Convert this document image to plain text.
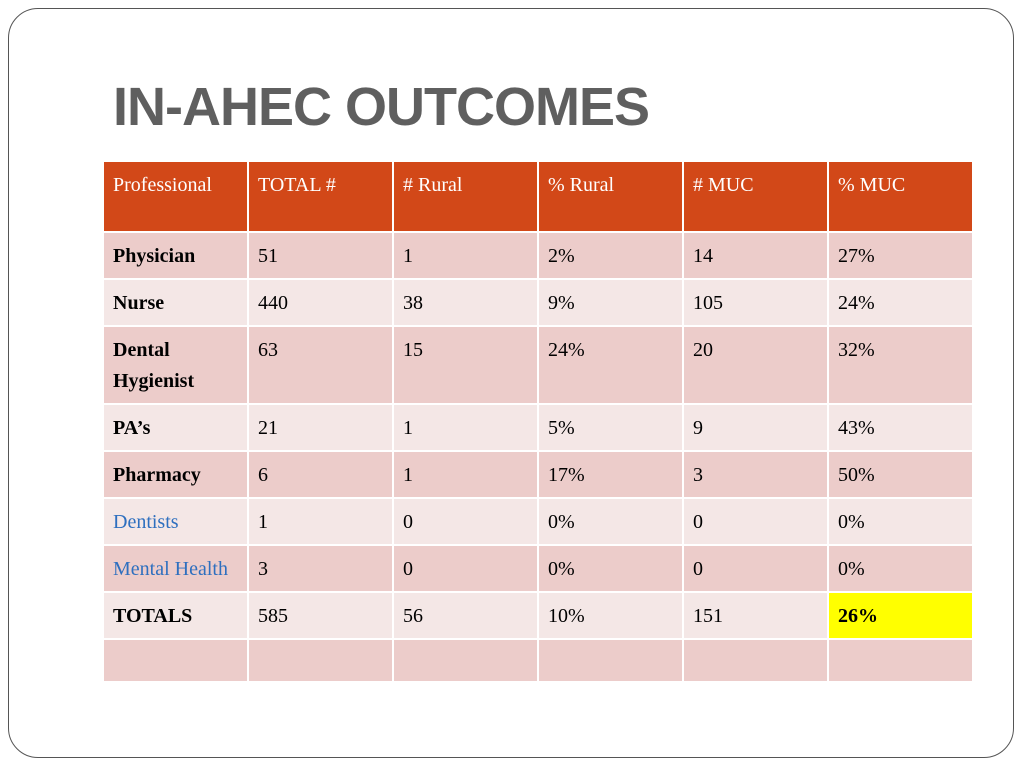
IN-AHEC OUTCOMES
Professional	TOTAL #	# Rural	% Rural	# MUC	% MUC
Physician	51	1	2%	14	27%
Nurse	440	38	9%	105	24%
Dental Hygienist	63	15	24%	20	32%
PA’s	21	1	5%	9	43%
Pharmacy	6	1	17%	3	50%
Dentists	1	0	0%	0	0%
Mental Health	3	0	0%	0	0%
TOTALS	585	56	10%	151	26%
